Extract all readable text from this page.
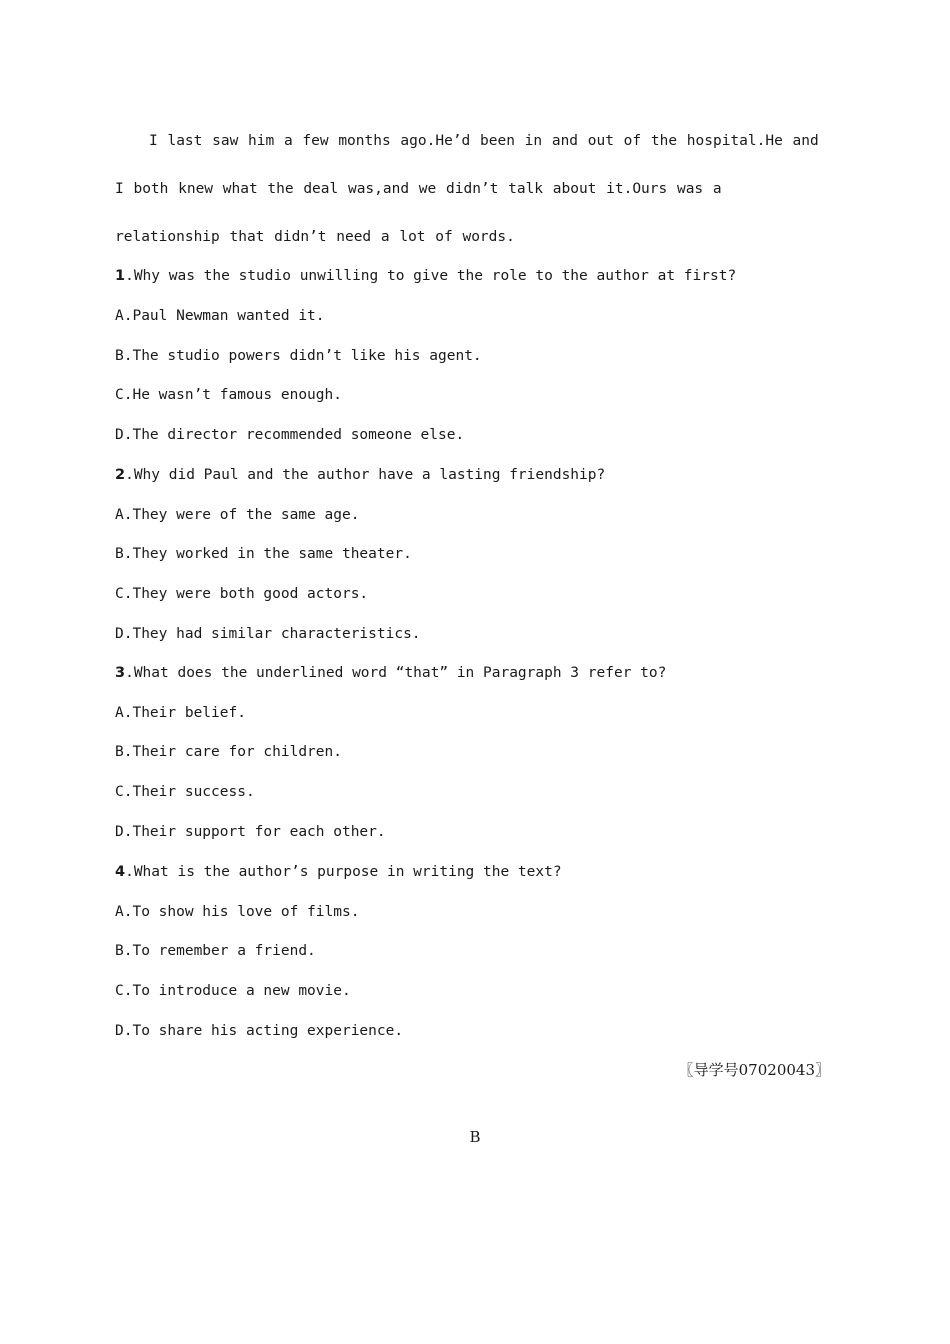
I last saw him a few months ago.He’d been in and out of the hospital.He and I both knew what the deal was,and we didn’t talk about it.Ours was a relationship that didn’t need a lot of words.

1.Why was the studio unwilling to give the role to the author at first?
A.Paul Newman wanted it.
B.The studio powers didn’t like his agent.
C.He wasn’t famous enough.
D.The director recommended someone else.
2.Why did Paul and the author have a lasting friendship?
A.They were of the same age.
B.They worked in the same theater.
C.They were both good actors.
D.They had similar characteristics.
3.What does the underlined word “that” in Paragraph 3 refer to?
A.Their belief.
B.Their care for children.
C.Their success.
D.Their support for each other.
4.What is the author’s purpose in writing the text?
A.To show his love of films.
B.To remember a friend.
C.To introduce a new movie.
D.To share his acting experience.
〖导学号07020043〗
B
